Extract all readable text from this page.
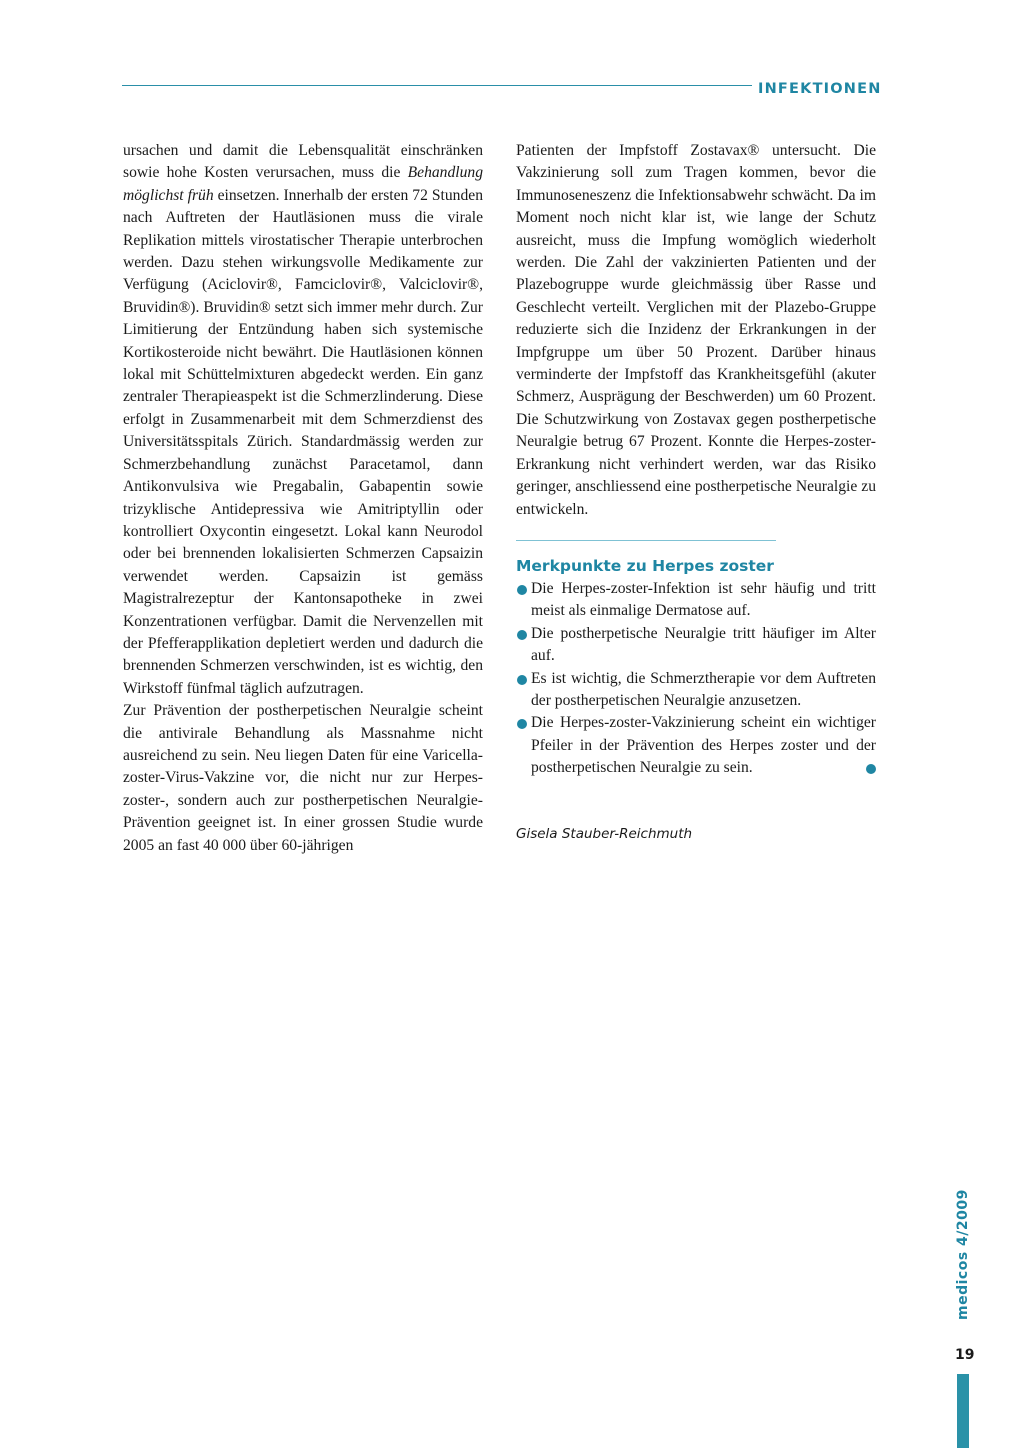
INFEKTIONEN

ursachen und damit die Lebensqualität einschränken sowie hohe Kosten verursachen, muss die Behandlung möglichst früh einsetzen. Innerhalb der ersten 72 Stunden nach Auftreten der Hautläsionen muss die virale Replikation mittels virostatischer Therapie unterbrochen werden. Dazu stehen wirkungsvolle Medikamente zur Verfügung (Aciclovir®, Famciclovir®, Valciclovir®, Bruvidin®). Bruvidin® setzt sich immer mehr durch. Zur Limitierung der Entzündung haben sich systemische Kortikosteroide nicht bewährt. Die Hautläsionen können lokal mit Schüttelmixturen abgedeckt werden. Ein ganz zentraler Therapieaspekt ist die Schmerzlinderung. Diese erfolgt in Zusammenarbeit mit dem Schmerzdienst des Universitätsspitals Zürich. Standardmässig werden zur Schmerzbehandlung zunächst Paracetamol, dann Antikonvulsiva wie Pregabalin, Gabapentin sowie trizyklische Antidepressiva wie Amitriptyllin oder kontrolliert Oxycontin eingesetzt. Lokal kann Neurodol oder bei brennenden lokalisierten Schmerzen Capsaizin verwendet werden. Capsaizin ist gemäss Magistralrezeptur der Kantonsapotheke in zwei Konzentrationen verfügbar. Damit die Nervenzellen mit der Pfefferapplikation depletiert werden und dadurch die brennenden Schmerzen verschwinden, ist es wichtig, den Wirkstoff fünfmal täglich aufzutragen.

Zur Prävention der postherpetischen Neuralgie scheint die antivirale Behandlung als Massnahme nicht ausreichend zu sein. Neu liegen Daten für eine Varicella-zoster-Virus-Vakzine vor, die nicht nur zur Herpes-zoster-, sondern auch zur postherpetischen Neuralgie-Prävention geeignet ist. In einer grossen Studie wurde 2005 an fast 40 000 über 60-jährigen

Patienten der Impfstoff Zostavax® untersucht. Die Vakzinierung soll zum Tragen kommen, bevor die Immunoseneszenz die Infektionsabwehr schwächt. Da im Moment noch nicht klar ist, wie lange der Schutz ausreicht, muss die Impfung womöglich wiederholt werden. Die Zahl der vakzinierten Patienten und der Plazebogruppe wurde gleichmässig über Rasse und Geschlecht verteilt. Verglichen mit der Plazebo-Gruppe reduzierte sich die Inzidenz der Erkrankungen in der Impfgruppe um über 50 Prozent. Darüber hinaus verminderte der Impfstoff das Krankheitsgefühl (akuter Schmerz, Ausprägung der Beschwerden) um 60 Prozent. Die Schutzwirkung von Zostavax gegen postherpetische Neuralgie betrug 67 Prozent. Konnte die Herpes-zoster-Erkrankung nicht verhindert werden, war das Risiko geringer, anschliessend eine postherpetische Neuralgie zu entwickeln.

Merkpunkte zu Herpes zoster

Die Herpes-zoster-Infektion ist sehr häufig und tritt meist als einmalige Dermatose auf.

Die postherpetische Neuralgie tritt häufiger im Alter auf.

Es ist wichtig, die Schmerztherapie vor dem Auftreten der postherpetischen Neuralgie anzusetzen.

Die Herpes-zoster-Vakzinierung scheint ein wichtiger Pfeiler in der Prävention des Herpes zoster und der postherpetischen Neuralgie zu sein.

Gisela Stauber-Reichmuth
medicos 4/2009
19
